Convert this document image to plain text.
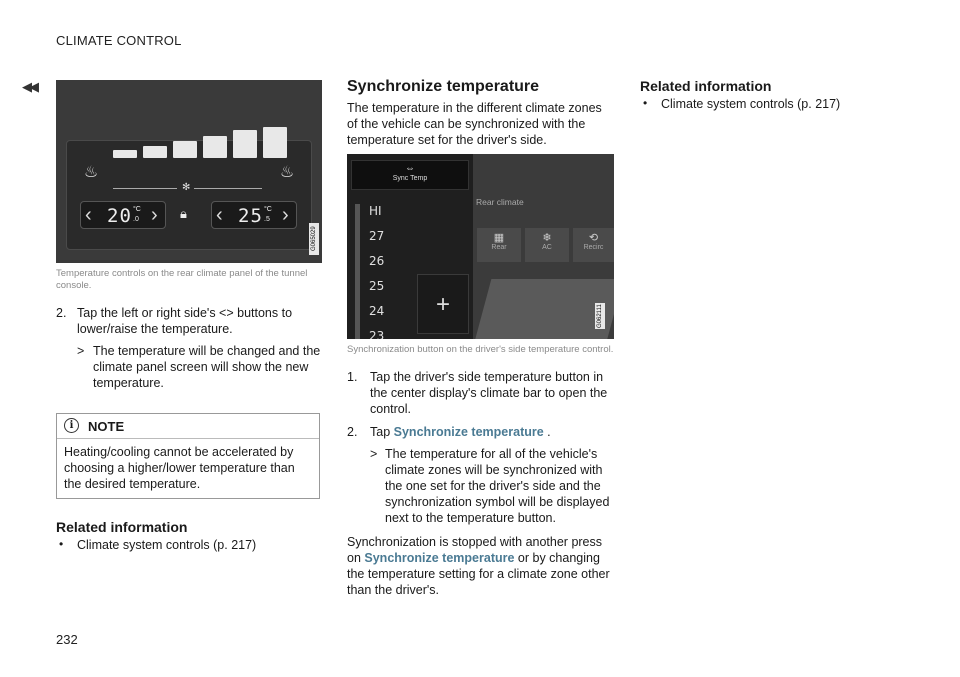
CLIMATE CONTROL
◀◀
♨	♨
✻
‹ 20 °C
.0 › 🔒︎ ‹ 25 °C
.5 ›
G065029
Temperature controls on the rear climate panel of the tunnel console.
2. Tap the left or right side's <> buttons to lower/raise the temperature.
> The temperature will be changed and the climate panel screen will show the new temperature.
i	NOTE
Heating/cooling cannot be accelerated by choosing a higher/lower temperature than the desired temperature.
Related information
• Climate system controls (p. 217)
Synchronize temperature
The temperature in the different climate zones of the vehicle can be synchronized with the temperature set for the driver's side.
⇔
Sync Temp
HI
27
26
25
24
23
+
Rear climate
▦
Rear
❄
AC
⟲
Recirc
G062111
Synchronization button on the driver's side temperature control.
1. Tap the driver's side temperature button in the center display's climate bar to open the control.
2. Tap Synchronize temperature .
> The temperature for all of the vehicle's climate zones will be synchronized with the one set for the driver's side and the synchronization symbol will be displayed next to the temperature button.
Synchronization is stopped with another press on Synchronize temperature or by changing the temperature setting for a climate zone other than the driver's.
Related information
• Climate system controls (p. 217)
232
